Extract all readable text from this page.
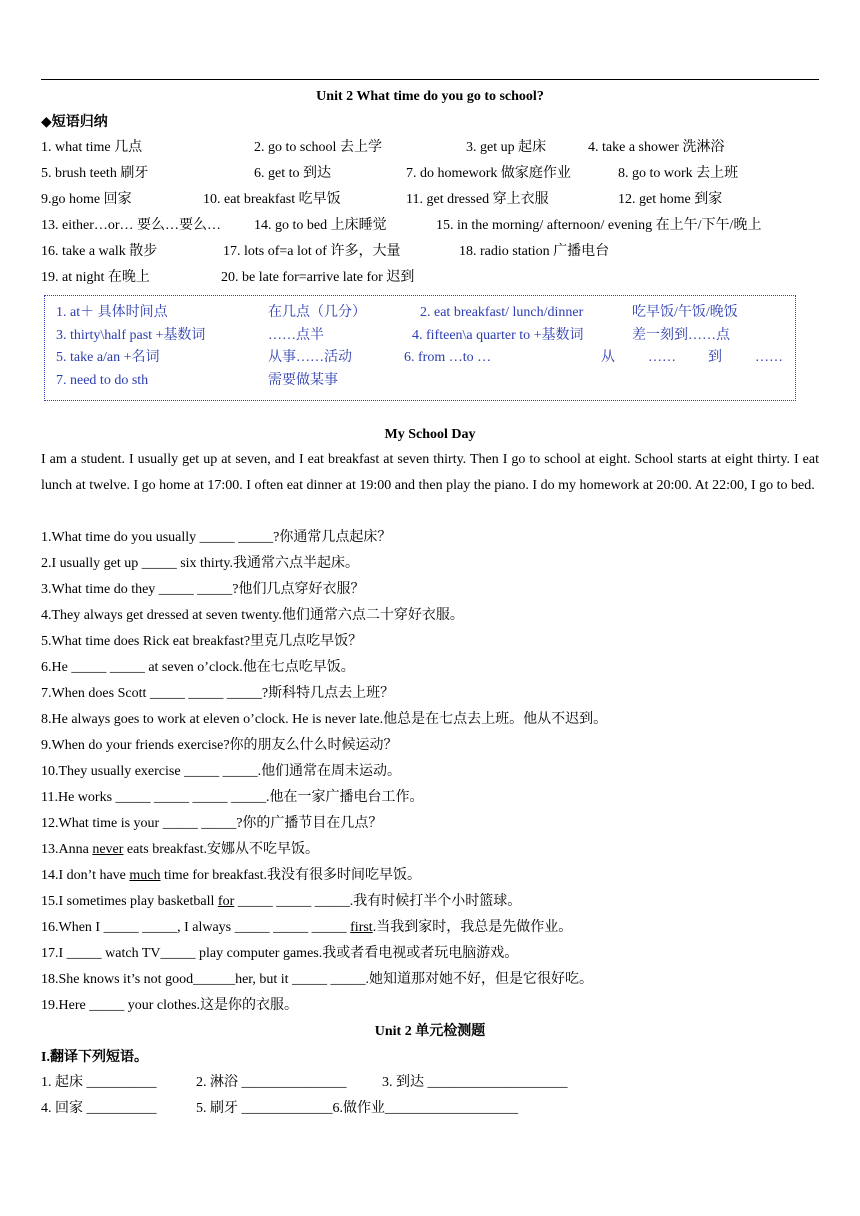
Unit 2 What time do you go to school?
◆短语归纳
1. what time 几点	2. go to school 去上学	3. get up 起床	4. take a shower 洗淋浴
5. brush teeth 刷牙	6. get to 到达	7. do homework 做家庭作业	8. go to work 去上班
9.go home 回家	10. eat breakfast 吃早饭	11. get dressed 穿上衣服	12. get home 到家
13. either…or… 要么…要么… 14. go to bed 上床睡觉	15. in the morning/ afternoon/ evening 在上午/下午/晚上
16. take a walk 散步	17. lots of=a lot of 许多，大量	18. radio station 广播电台
19. at night 在晚上	20. be late for=arrive late for 迟到
1. at＋ 具体时间点	在几点（几分）	2. eat breakfast/ lunch/dinner	吃早饭/午饭/晚饭
3. thirty\half past +基数词	……点半	4. fifteen\a quarter to +基数词	差一刻到……点
5. take a/an +名词	从事……活动	6. from …to …	从 …… 到 ……
7. need to do sth	需要做某事
My School Day
I am a student. I usually get up at seven, and I eat breakfast at seven thirty. Then I go to school at eight. School starts at eight thirty. I eat lunch at twelve. I go home at 17:00. I often eat dinner at 19:00 and then play the piano. I do my homework at 20:00. At 22:00, I go to bed.
1.What time do you usually _____ _____?你通常几点起床？
2.I usually get up _____ six thirty.我通常六点半起床。
3.What time do they _____ _____?他们几点穿好衣服？
4.They always get dressed at seven twenty.他们通常六点二十穿好衣服。
5.What time does Rick eat breakfast?里克几点吃早饭？
6.He _____ _____ at seven o’clock.他在七点吃早饭。
7.When does Scott _____ _____ _____?斯科特几点去上班？
8.He always goes to work at eleven o’clock. He is never late.他总是在七点去上班。他从不迟到。
9.When do your friends exercise?你的朋友么什么时候运动？
10.They usually exercise _____ _____.他们通常在周末运动。
11.He works _____ _____ _____ _____.他在一家广播电台工作。
12.What time is your _____ _____?你的广播节目在几点？
13.Anna never eats breakfast.安娜从不吃早饭。
14.I don’t have much time for breakfast.我没有很多时间吃早饭。
15.I sometimes play basketball for _____ _____ _____.我有时候打半个小时篮球。
16.When I _____ _____, I always _____ _____ _____ first.当我到家时，我总是先做作业。
17.I _____ watch TV_____ play computer games.我或者看电视或者玩电脑游戏。
18.She knows it’s not good______her, but it _____ _____.她知道那对她不好，但是它很好吃。
19.Here _____ your clothes.这是你的衣服。
Unit 2 单元检测题
I.翻译下列短语。
1. 起床 __________	2. 淋浴 _______________	3. 到达 ____________________
4. 回家 __________	5. 刷牙 _____________6.做作业___________________
